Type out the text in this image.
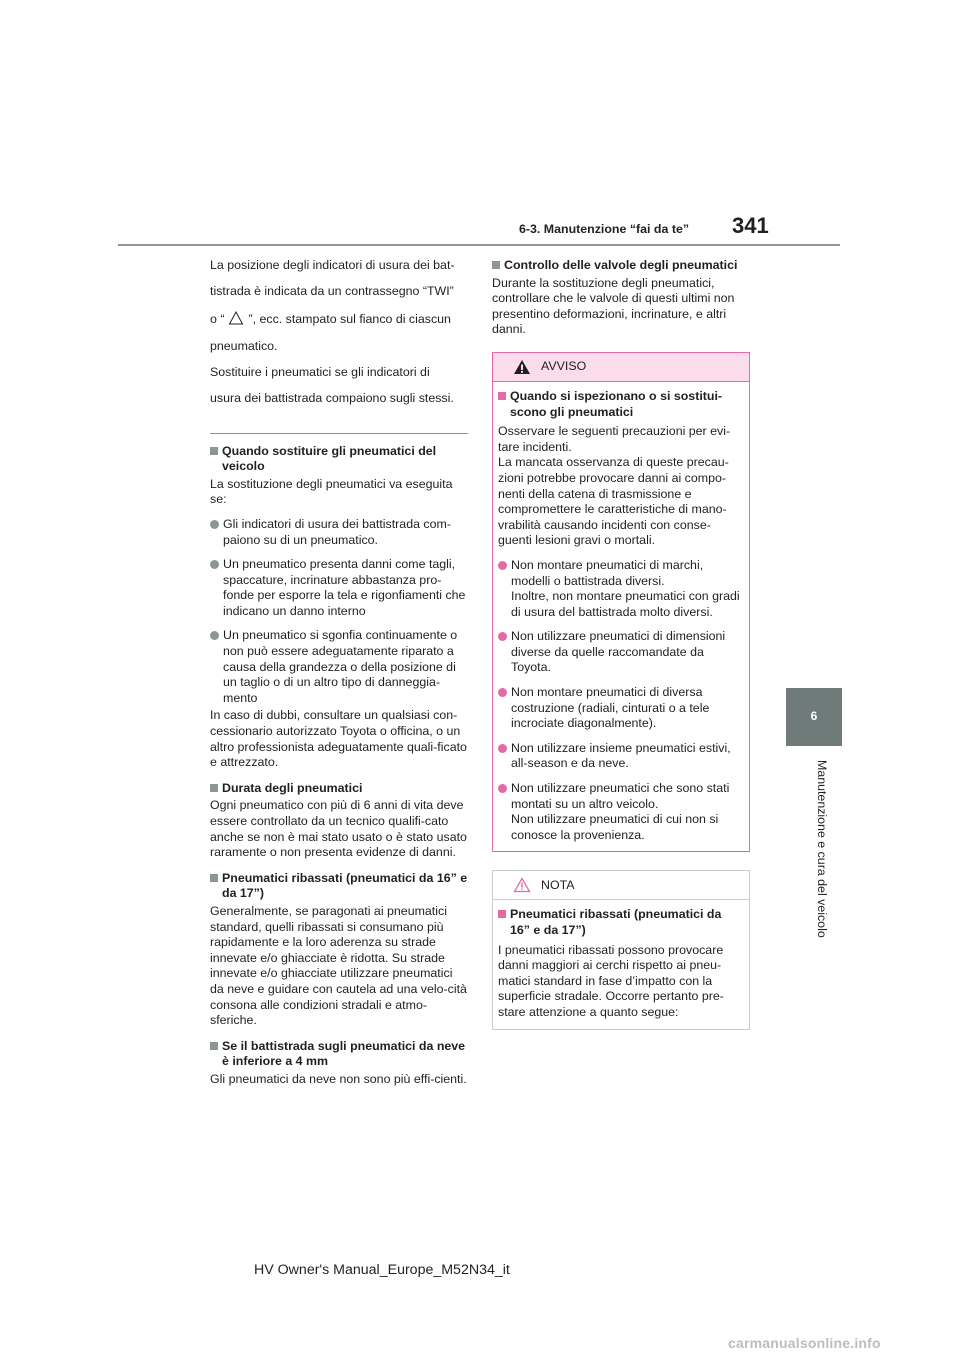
6-3. Manutenzione “fai da te” 341
6
Manutenzione e cura del veicolo

La posizione degli indicatori di usura dei bat-

tistrada è indicata da un contrassegno “TWI”

o “ ”, ecc. stampato sul fianco di ciascun

pneumatico.

Sostituire i pneumatici se gli indicatori di

usura dei battistrada compaiono sugli stessi.

Quando sostituire gli pneumatici del veicolo

La sostituzione degli pneumatici va eseguita se:

Gli indicatori di usura dei battistrada com-paiono su di un pneumatico.
Un pneumatico presenta danni come tagli, spaccature, incrinature abbastanza pro-fonde per esporre la tela e rigonfiamenti che indicano un danno interno
Un pneumatico si sgonfia continuamente o non può essere adeguatamente riparato a causa della grandezza o della posizione di un taglio o di un altro tipo di danneggia-mento

In caso di dubbi, consultare un qualsiasi con-cessionario autorizzato Toyota o officina, o un altro professionista adeguatamente quali-ficato e attrezzato.

Durata degli pneumatici

Ogni pneumatico con più di 6 anni di vita deve essere controllato da un tecnico qualifi-cato anche se non è mai stato usato o è stato usato raramente o non presenta evidenze di danni.

Pneumatici ribassati (pneumatici da 16” e da 17”)

Generalmente, se paragonati ai pneumatici standard, quelli ribassati si consumano più rapidamente e la loro aderenza su strade innevate e/o ghiacciate è ridotta. Su strade innevate e/o ghiacciate utilizzare pneumatici da neve e guidare con cautela ad una velo-cità consona alle condizioni stradali e atmo-sferiche.

Se il battistrada sugli pneumatici da neve è inferiore a 4 mm

Gli pneumatici da neve non sono più effi-cienti.

Controllo delle valvole degli pneumatici

Durante la sostituzione degli pneumatici, controllare che le valvole di questi ultimi non presentino deformazioni, incrinature, e altri danni.

AVVISO
Quando si ispezionano o si sostitui-scono gli pneumatici

Osservare le seguenti precauzioni per evi-tare incidenti.

La mancata osservanza di queste precau-zioni potrebbe provocare danni ai compo-nenti della catena di trasmissione e compromettere le caratteristiche di mano-vrabilità causando incidenti con conse-guenti lesioni gravi o mortali.

Non montare pneumatici di marchi, modelli o battistrada diversi.
Inoltre, non montare pneumatici con gradi di usura del battistrada molto diversi.
Non utilizzare pneumatici di dimensioni diverse da quelle raccomandate da Toyota.
Non montare pneumatici di diversa costruzione (radiali, cinturati o a tele incrociate diagonalmente).
Non utilizzare insieme pneumatici estivi, all-season e da neve.
Non utilizzare pneumatici che sono stati montati su un altro veicolo.
Non utilizzare pneumatici di cui non si conosce la provenienza.
NOTA
Pneumatici ribassati (pneumatici da 16” e da 17”)

I pneumatici ribassati possono provocare danni maggiori ai cerchi rispetto ai pneu-matici standard in fase d’impatto con la superficie stradale. Occorre pertanto pre-stare attenzione a quanto segue:

HV Owner's Manual_Europe_M52N34_it
carmanualsonline.info
